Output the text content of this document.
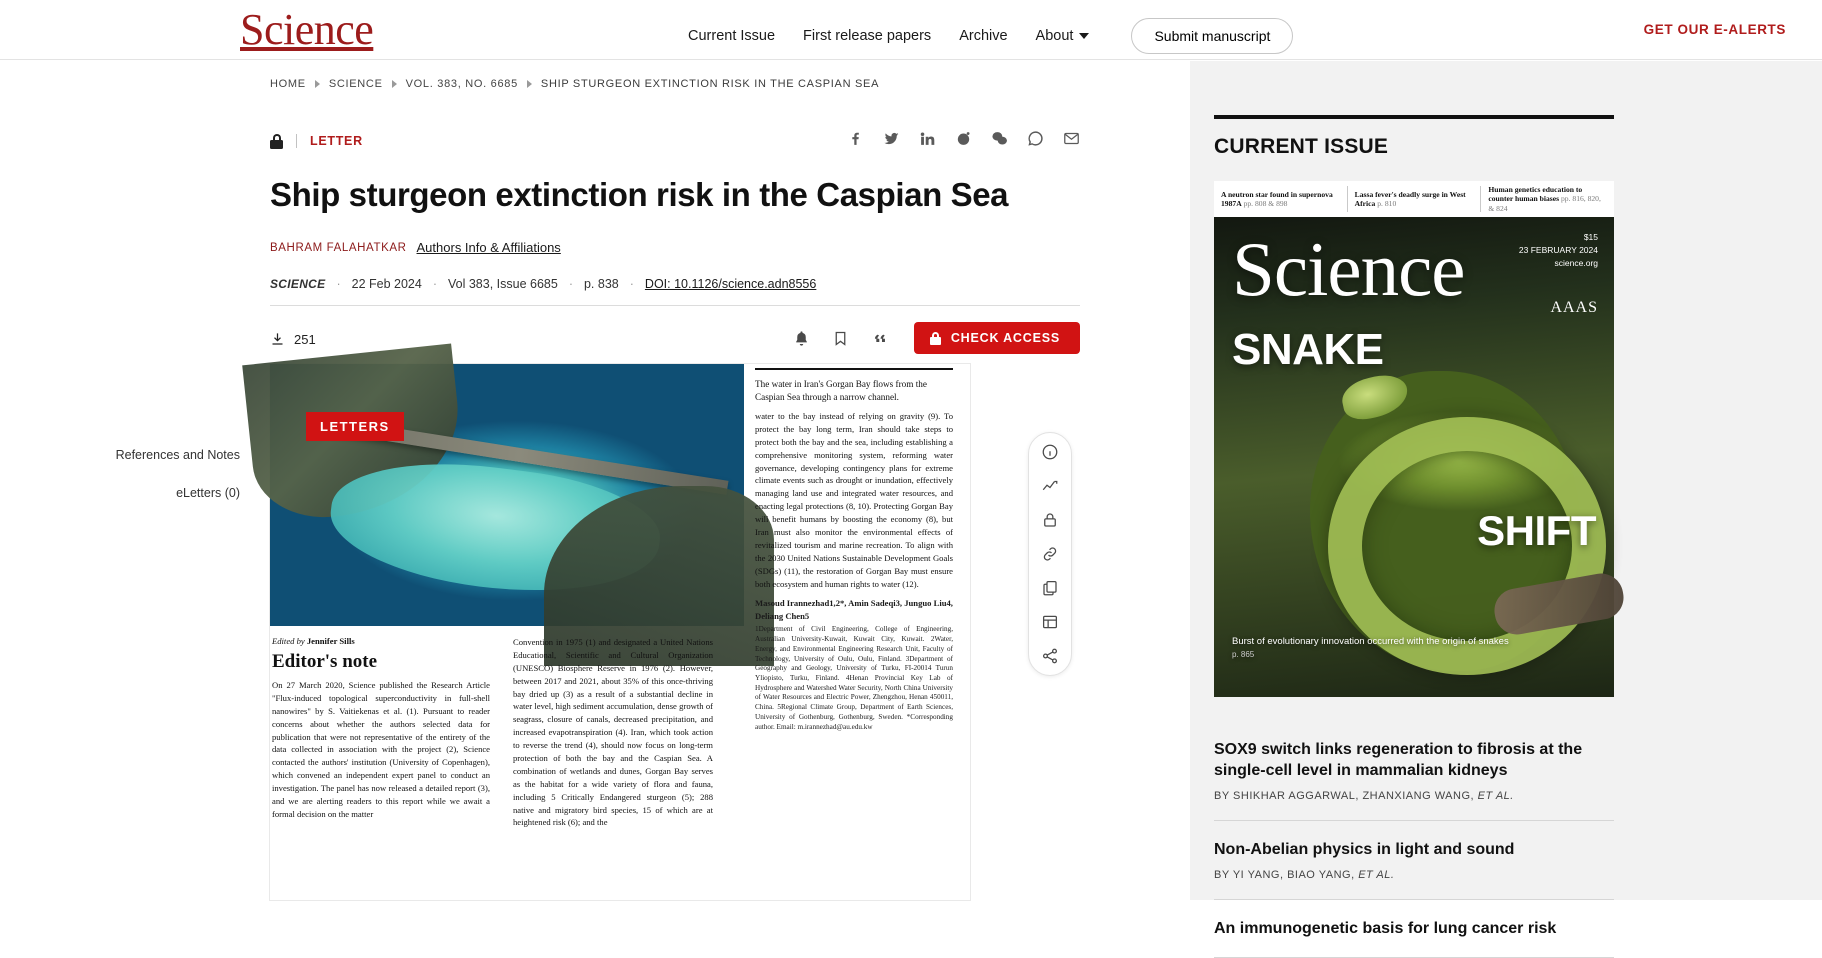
Science	Current Issue First release papers Archive About	Submit manuscript	GET OUR E-ALERTS
HOME SCIENCE VOL. 383, NO. 6685 SHIP STURGEON EXTINCTION RISK IN THE CASPIAN SEA
References and Notes
eLetters (0)
LETTER
Ship sturgeon extinction risk in the Caspian Sea
BAHRAM FALAHATKAR Authors Info & Affiliations
SCIENCE · 22 Feb 2024 · Vol 383, Issue 6685 · p. 838 · DOI: 10.1126/science.adn8556
251	CHECK ACCESS
LETTERS
The water in Iran's Gorgan Bay flows from the Caspian Sea through a narrow channel.
Edited by Jennifer Sills
Editor's note
On 27 March 2020, Science published the Research Article "Flux-induced topological superconductivity in full-shell nanowires" by S. Vaitiekenas et al. (1). Pursuant to reader concerns about whether the authors selected data for publication that were not representative of the entirety of the data collected in association with the project (2), Science contacted the authors' institution (University of Copenhagen), which convened an independent expert panel to conduct an investigation. The panel has now released a detailed report (3), and we are alerting readers to this report while we await a formal decision on the matter
Convention in 1975 (1) and designated a United Nations Educational, Scientific and Cultural Organization (UNESCO) Biosphere Reserve in 1976 (2). However, between 2017 and 2021, about 35% of this once-thriving bay dried up (3) as a result of a substantial decline in water level, high sediment accumulation, dense growth of seagrass, closure of canals, decreased precipitation, and increased evapotranspiration (4). Iran, which took action to reverse the trend (4), should now focus on long-term protection of both the bay and the Caspian Sea. A combination of wetlands and dunes, Gorgan Bay serves as the habitat for a wide variety of flora and fauna, including 5 Critically Endangered sturgeon (5); 288 native and migratory bird species, 15 of which are at heightened risk (6); and the
water to the bay instead of relying on gravity (9). To protect the bay long term, Iran should take steps to protect both the bay and the sea, including establishing a comprehensive monitoring system, reforming water governance, developing contingency plans for extreme climate events such as drought or inundation, effectively managing land use and integrated water resources, and enacting legal protections (8, 10). Protecting Gorgan Bay will benefit humans by boosting the economy (8), but Iran must also monitor the environmental effects of revitalized tourism and marine recreation. To align with the 2030 United Nations Sustainable Development Goals (SDGs) (11), the restoration of Gorgan Bay must ensure both ecosystem and human rights to water (12).
Masoud Irannezhad1,2*, Amin Sadeqi3, Junguo Liu4, Deliang Chen5
1Department of Civil Engineering, College of Engineering, Australian University-Kuwait, Kuwait City, Kuwait. 2Water, Energy, and Environmental Engineering Research Unit, Faculty of Technology, University of Oulu, Oulu, Finland. 3Department of Geography and Geology, University of Turku, FI-20014 Turun Yliopisto, Turku, Finland. 4Henan Provincial Key Lab of Hydrosphere and Watershed Water Security, North China University of Water Resources and Electric Power, Zhengzhou, Henan 450011, China. 5Regional Climate Group, Department of Earth Sciences, University of Gothenburg, Gothenburg, Sweden. *Corresponding author. Email: m.irannezhad@au.edu.kw
CURRENT ISSUE
A neutron star found in supernova 1987A pp. 808 & 898
Lassa fever's deadly surge in West Africa p. 810
Human genetics education to counter human biases pp. 816, 820, & 824
Science	$15
23 FEBRUARY 2024
science.org
AAAS
SNAKE
SHIFT
Burst of evolutionary innovation occurred with the origin of snakes
p. 865
SOX9 switch links regeneration to fibrosis at the single-cell level in mammalian kidneys
BY SHIKHAR AGGARWAL, ZHANXIANG WANG, ET AL.
Non-Abelian physics in light and sound
BY YI YANG, BIAO YANG, ET AL.
An immunogenetic basis for lung cancer risk
